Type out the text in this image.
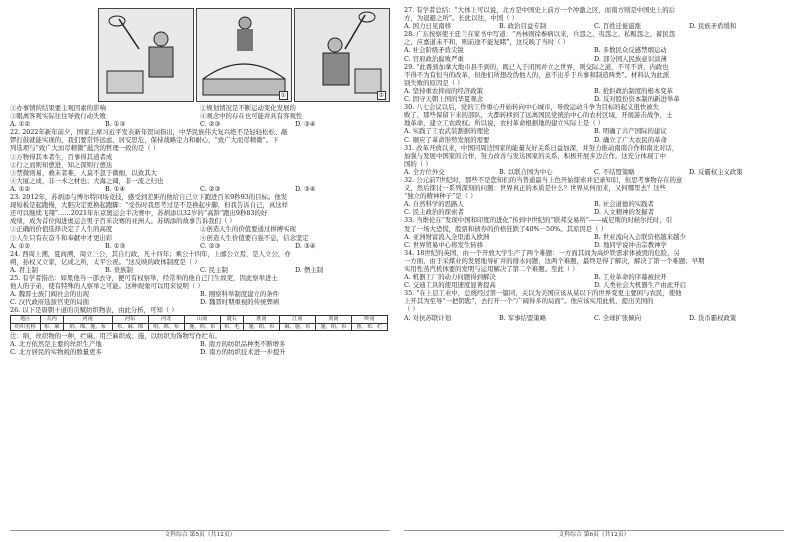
①	②
①办事情的结果要主观因素的影响	②规划情况是不断运动变化发展的
③眼离客观实际往往导致行动失败	④观念中的存在也可能并具有客观性
A. ①②	B. ①③	C. ②③	D. ③④

22. 2022年新年前夕，国家主席习近平发表新年贺词指出，中华民族伟大复兴绝不是轻轻松松、敲

锣打鼓就能实现的，我们要常怀远虑、居安思危，保持战略定力和耐心，“致广大而尽精微”。下

列选项与“致广大而尽精微”蕴含的哲理一致的是（ ）

①万物得其本者生，百事得其道者成

②行之而则知愈进，知之深则行愈达

③禁微则易，救末者难，人莫不忽于微细，以致其大

④大厦之成，非一木之材也；大海之阔，非一流之归也

A. ①②	B. ①④	C. ②③	D. ③④

23. 2012年，苏炳添与博尔特同场竞技，感受到差距的他给自己立下跑进百米9秒93的目标。他发

现短板是起跑慢，大胆决定更换起跑脚：“受伤时我思考过是不是换起步脚，但我告诉自己，真这样

还可以继续飞翔”……2021年东京奥运会半决赛中，苏炳添以32岁的“高龄”跑出9秒83的好

成绩，成为首位闯进奥运会男子百米决赛的亚洲人。苏炳添的故事告诉我们（ ）

①正确的价值选择决定了人生的高度	②创造人生的价值要通过拼搏实现
③人生只有在奋斗和奉献中才更出彩	④创造人生价值要自强不息，信念坚定
A. ①②	B. ①③	C. ②③	D. ③④

24. 西周上溯，夏商溯，周立三公，其自行政，凡十四年；乘公十四年，上邮公立焉，是人立公，亦

朔，孙权又立家，亿成之所，太平公祝。“这反映的政体制度是（ ）

A. 君主制	B. 贵族制	C. 民主制	D. 僭主制

25. 有学者指出：如果他当一部去守，便可有权察举，经常举的他自己门生故吏，因此察举进士

他人的子弟，使有特殊的人察举之可能。这种现象可以用来说明（ ）

A. 魏晋士族门阀社会的出现	B. 刚察科举制度建立的条件
C. 汉代政府选拔官吏的局面	D. 魏晋时期重视的传统弊病

26. 以下是唐朝十道的贡赋纺织物表，由此分析，可知（ ）

地区	关内	河南	河东	河北	山南	陇右	淮南	江南	剑南	岭南
纺织名称	布、麻	绢、绵、施、布	布、麻、绵	绢、绵、布	施、绢、布	布、毛	施、绢、布	麻、施、布	施、绢、布	蕉、布、纻

注：绢，丝织物的一种，纻麻，用苎麻织成；施，以纺织为饰物写作纻布。

A. 北方依然是主要的丝织生产地	B. 南方的纺织品种类不断增多
C. 北方居民的实物税的数量更多	D. 南方的纺织技术进一步提升
文科综合 第5页（共12页）

27. 有学者总结：“大体上可以说，北方是中国史上前方一个冲激之区，而南方则是中国史上的后

方，为退避之所”。长此以往，中国（ ）

A. 国力日见南移	B. 政治目益专制	C. 百姓迁徙滋涨	D. 民族矛盾缓和

28. 广东按察使王廷兰在家书中写道：“吾林则徐参病以来，兵怨之、夷怨之、私贩怨之、蓄民怨

之，应嘉道未不和，则前途不能复睹”，这反映了当时（ ）

A. 社会阶级矛盾尖锐	B. 多数民众反感禁烟运动
C. 官府政治腐败严重	D. 部分国人民族意识淡薄

29. “此番到加拿大地市县不到的，既已入于闭国并立之世界，则交际之道，不可不讲，内政也

不得不为有恒当的改革，但他们所想改伪他人的，意不出乎于兵事和制造两类”。材料认为此派

别失败的原因是（ ）

A. 坚持重农抑商的经济政策	B. 抢拒政治制度的根本变革
C. 固守天朝上国的华夏观念	D. 反对股份资本制的新进举革

30. 八七会议以后，党的工作重心开始转向中心城市，导致运动斗争为目标的起义很快被失

败了，那些保留下来的部队，大都转移到了远离国民党统治中心的农村区域，开展游击战争，土

地革命，建立工农政权。所以说，农村革命根据地的建立实际上是（ ）

A. 实践了工农武装割据的理论	B. 明确了共产国际的建议
C. 顺应了革命形势发展的需要	D. 确立了广大农民的革命

31. 改革开放以来，中国同周边国家的能量友好关系日益加深，并努力推动南南合作和南北对话，

加强与发展中国家的合作，努力改善与发达国家的关系，积极开展多边合作。这充分体现了中

国的（ ）

A. 全方位外交	B. 以联合国为中心	C. 不结盟策略	D. 反霸权主义政策

32. 公元前7世纪时，那些不是您知们的当普通最当上色开始探索并记录知识，但思考事物存在的意

义，然后探讨一系列深刻的问题：世界真正的本质是什么？世界从何而来，又何哪里去？这些

“独立的精神种子”是（ ）

A. 自然科学的思路人	B. 社会道德的实践者
C. 民主政治的探索者	D. 人文精神的发掘者

33. 当维伦在“发现中国和印度的进化”传到中世纪的“联邦交易所”——威尼斯的时候尔托时，引

发了一场大恐慌，股票和债券的价格狂跌了40%－50%。其原因是（ ）

A. 亚洲财富流入全里涌入欧洲	B. 世亚流向入会联资格越来越少
C. 世界贸易中心将发生转移	D. 地同学说冲击宗教神学

34. 18世纪的英国，由一个开放大学生产了两个难题：一方面其间为高炉铁需求体被毁的危险，另

一方面，由于采煤业的发展地导矿井的排水问题，这两个难题，最终是得了解决，解决了第一个难题；早期

实用性蒸汽机体要的发明与运用解决了第二个难题。至此（ ）

A. 机器工厂的动力问题得到解决	B. 工业革命的序幕被拉开
C. 交通工具的使用速度显著提高	D. 人类社会大机器生产由此开启

35. “在上层工业中，总统经过第一篇同，关以为美国应该从某以下的世界变更主要困与农民，使他

上开其为至导“一把钥匙”，去打开一个“广阔得多的局面”。他应该实用此机，提出美国的

（ ）

A. 对抗苏联计划	B. 军事结盟策略	C. 全球扩张倾向	D. 货币霸权政策
文科综合 第6页（共12页）
